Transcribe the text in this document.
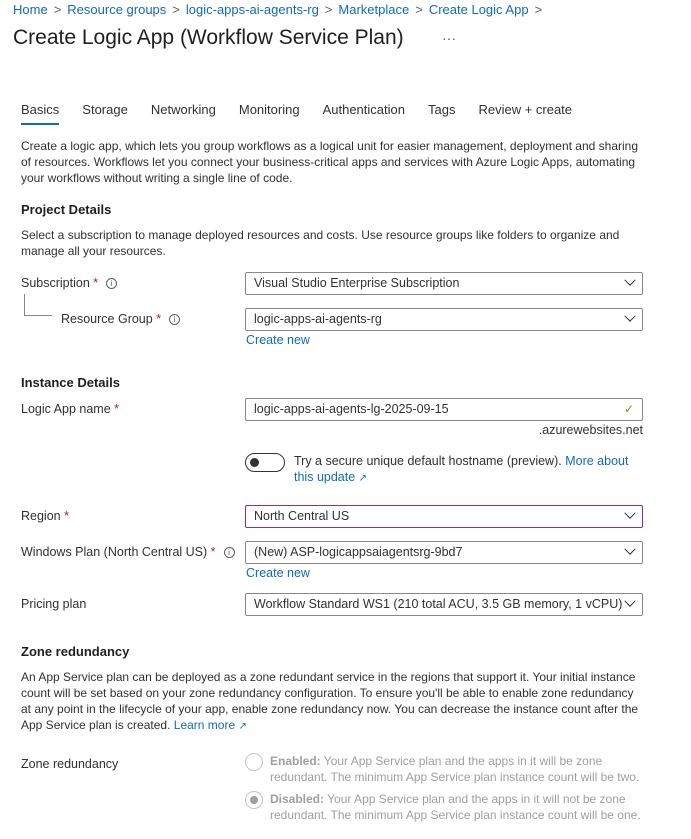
Home > Resource groups > logic-apps-ai-agents-rg > Marketplace > Create Logic App >
Create Logic App (Workflow Service Plan)	···
Basics Storage Networking Monitoring Authentication Tags Review + create
Create a logic app, which lets you group workflows as a logical unit for easier management, deployment and sharing of resources. Workflows let you connect your business-critical apps and services with Azure Logic Apps, automating your workflows without writing a single line of code.
Project Details
Select a subscription to manage deployed resources and costs. Use resource groups like folders to organize and manage all your resources.
Subscription * i	Visual Studio Enterprise Subscription
Resource Group * i	logic-apps-ai-agents-rg
Create new
Instance Details
Logic App name *	logic-apps-ai-agents-lg-2025-09-15	✓
.azurewebsites.net
Try a secure unique default hostname (preview). More about this update ↗
Region *	North Central US
Windows Plan (North Central US) * i	(New) ASP-logicappsaiagentsrg-9bd7
Create new
Pricing plan	Workflow Standard WS1 (210 total ACU, 3.5 GB memory, 1 vCPU)
Zone redundancy
An App Service plan can be deployed as a zone redundant service in the regions that support it. Your initial instance count will be set based on your zone redundancy configuration. To ensure you'll be able to enable zone redundancy at any point in the lifecycle of your app, enable zone redundancy now. You can decrease the instance count after the App Service plan is created. Learn more ↗
Zone redundancy	Enabled: Your App Service plan and the apps in it will be zone redundant. The minimum App Service plan instance count will be two.
Disabled: Your App Service plan and the apps in it will not be zone redundant. The minimum App Service plan instance count will be one.
